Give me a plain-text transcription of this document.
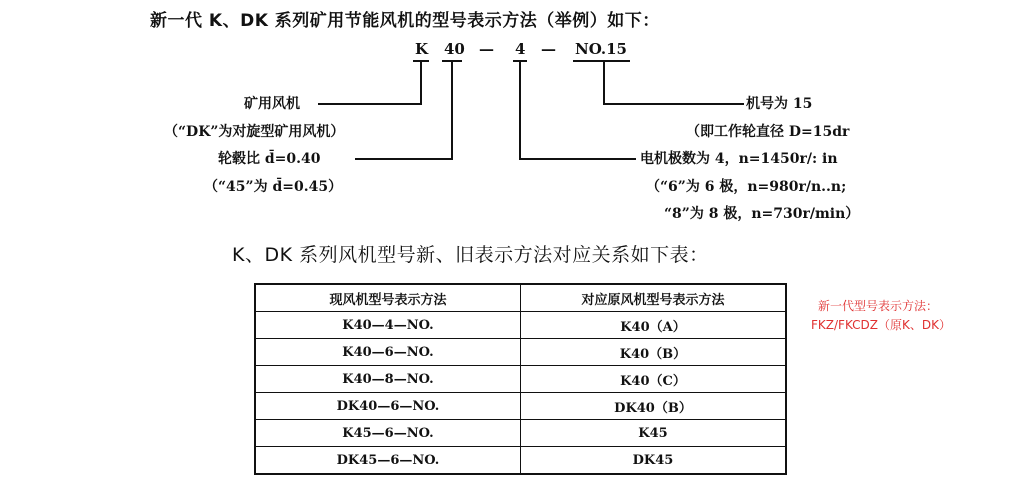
新一代 K、DK 系列矿用节能风机的型号表示方法（举例）如下：
K 40 — 4 — NO.15
矿用风机
（“DK”为对旋型矿用风机）
轮毂比 d̄=0.40
（“45”为 d̄=0.45）
机号为 15
（即工作轮直径 D=15dr
电机极数为 4，n=1450r/: in
（“6”为 6 极，n=980r/n..n;
“8”为 8 极，n=730r/min）
K、DK 系列风机型号新、旧表示方法对应关系如下表：
现风机型号表示方法	对应原风机型号表示方法
K40—4—NO.	K40（A）
K40—6—NO.	K40（B）
K40—8—NO.	K40（C）
DK40—6—NO.	DK40（B）
K45—6—NO.	K45
DK45—6—NO.	DK45
新一代型号表示方法：
FKZ/FKCDZ（原K、DK）
